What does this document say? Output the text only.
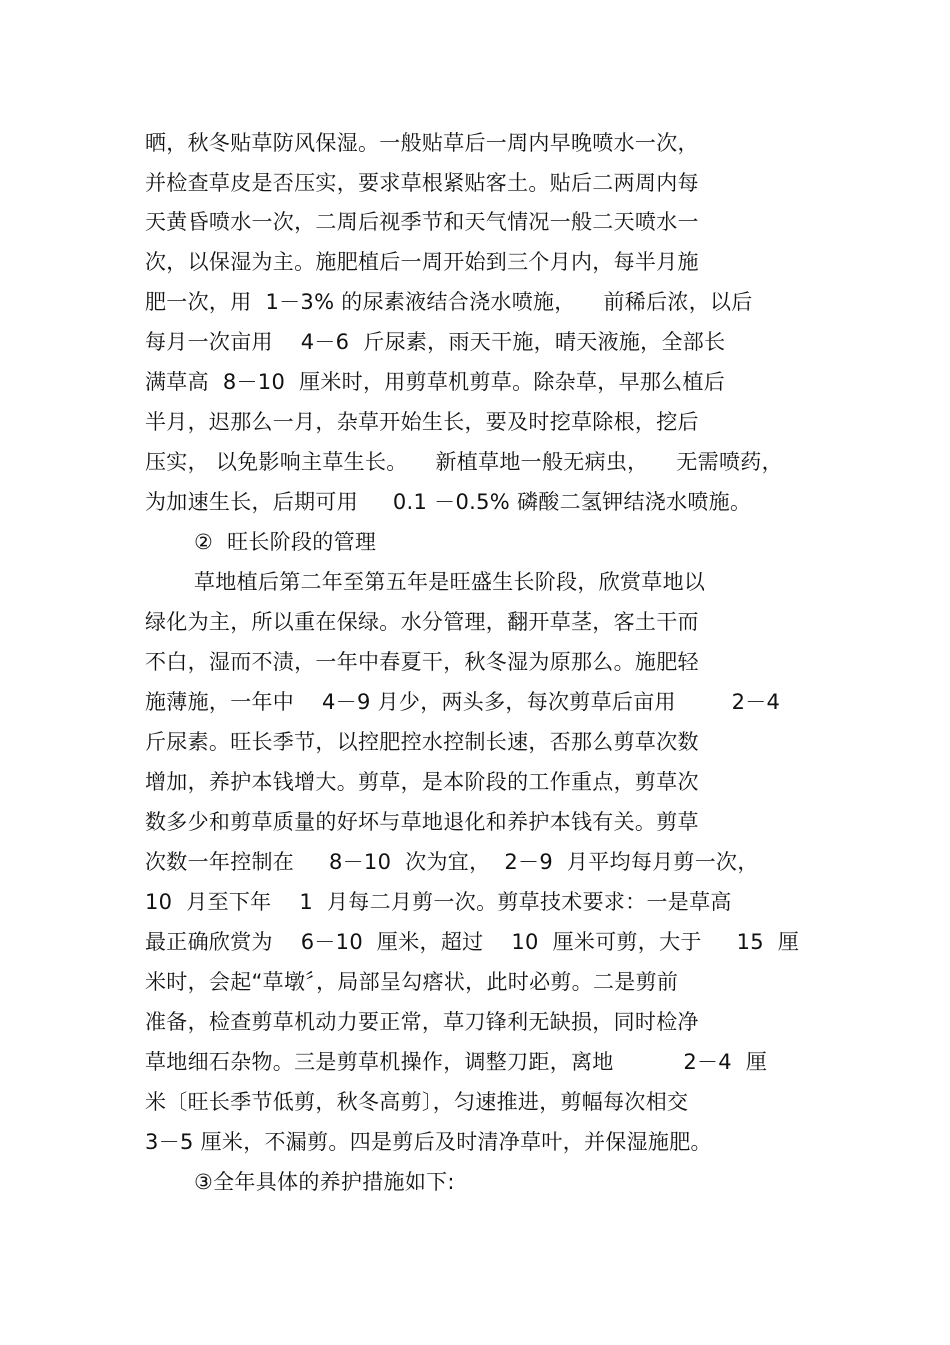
晒，秋冬贴草防风保湿。一般贴草后一周内早晚喷水一次，
并检查草皮是否压实，要求草根紧贴客土。贴后二两周内每
天黄昏喷水一次，二周后视季节和天气情况一般二天喷水一
次，以保湿为主。施肥植后一周开始到三个月内，每半月施
肥一次，用  1－3% 的尿素液结合浇水喷施，    前稀后浓，以后
每月一次亩用    4－6  斤尿素，雨天干施，晴天液施，全部长
满草高  8－10  厘米时，用剪草机剪草。除杂草，早那么植后
半月，迟那么一月，杂草开始生长，要及时挖草除根，挖后
压实， 以免影响主草生长。    新植草地一般无病虫，    无需喷药，
为加速生长，后期可用     0.1 －0.5% 磷酸二氢钾结浇水喷施。
②  旺长阶段的管理
草地植后第二年至第五年是旺盛生长阶段，欣赏草地以
绿化为主，所以重在保绿。水分管理，翻开草茎，客土干而
不白，湿而不渍，一年中春夏干，秋冬湿为原那么。施肥轻
施薄施，一年中    4－9 月少，两头多，每次剪草后亩用        2－4
斤尿素。旺长季节，以控肥控水控制长速，否那么剪草次数
增加，养护本钱增大。剪草，是本阶段的工作重点，剪草次
数多少和剪草质量的好坏与草地退化和养护本钱有关。剪草
次数一年控制在     8－10  次为宜，  2－9  月平均每月剪一次，
10  月至下年    1  月每二月剪一次。剪草技术要求：一是草高
最正确欣赏为    6－10  厘米，超过    10  厘米可剪，大于     15  厘
米时，会起“草墩〞，局部呈勾瘩状，此时必剪。二是剪前
准备，检查剪草机动力要正常，草刀锋利无缺损，同时检净
草地细石杂物。三是剪草机操作，调整刀距，离地          2－4  厘
米〔旺长季节低剪，秋冬高剪〕，匀速推进，剪幅每次相交
3－5 厘米，不漏剪。四是剪后及时清净草叶，并保湿施肥。
③全年具体的养护措施如下:
